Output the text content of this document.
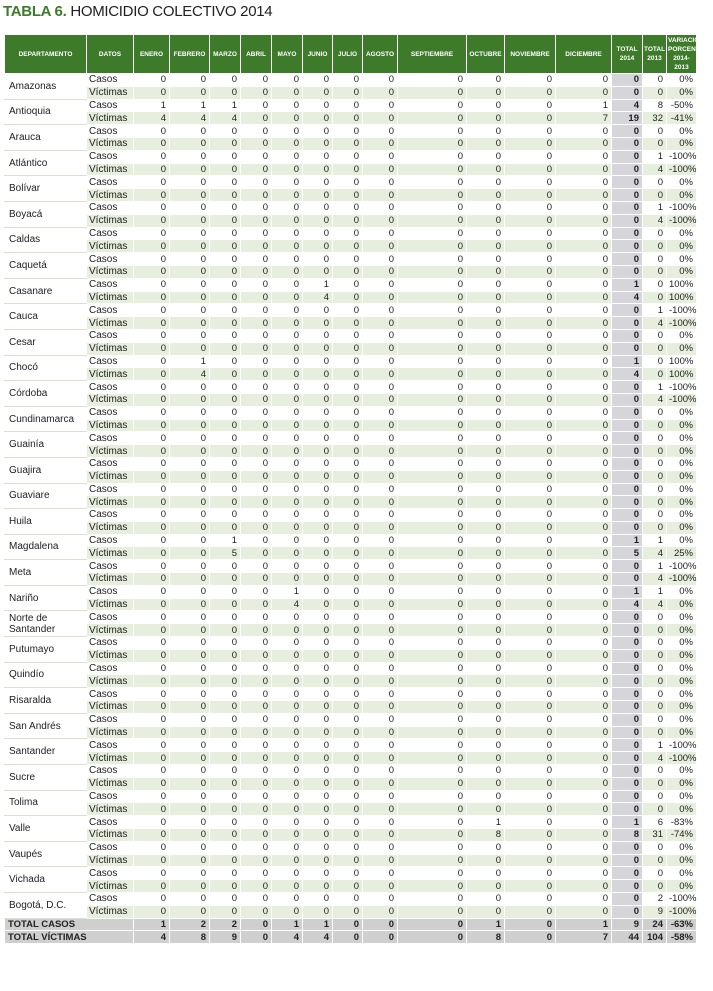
TABLA 6. HOMICIDIO COLECTIVO 2014
DEPARTAMENTO	DATOS	ENERO	FEBRERO	MARZO	ABRIL	MAYO	JUNIO	JULIO	AGOSTO	SEPTIEMBRE	OCTUBRE	NOVIEMBRE	DICIEMBRE	TOTAL 2014	TOTAL 2013	VARIACIÓN PORCENTUAL 2014-2013
Amazonas	Casos	0	0	0	0	0	0	0	0	0	0	0	0	0	0	0%
	Víctimas	0	0	0	0	0	0	0	0	0	0	0	0	0	0	0%
Antioquia	Casos	1	1	1	0	0	0	0	0	0	0	0	1	4	8	-50%
	Víctimas	4	4	4	0	0	0	0	0	0	0	0	7	19	32	-41%
Arauca	Casos	0	0	0	0	0	0	0	0	0	0	0	0	0	0	0%
	Víctimas	0	0	0	0	0	0	0	0	0	0	0	0	0	0	0%
Atlántico	Casos	0	0	0	0	0	0	0	0	0	0	0	0	0	1	-100%
	Víctimas	0	0	0	0	0	0	0	0	0	0	0	0	0	4	-100%
Bolívar	Casos	0	0	0	0	0	0	0	0	0	0	0	0	0	0	0%
	Víctimas	0	0	0	0	0	0	0	0	0	0	0	0	0	0	0%
Boyacá	Casos	0	0	0	0	0	0	0	0	0	0	0	0	0	1	-100%
	Víctimas	0	0	0	0	0	0	0	0	0	0	0	0	0	4	-100%
Caldas	Casos	0	0	0	0	0	0	0	0	0	0	0	0	0	0	0%
	Víctimas	0	0	0	0	0	0	0	0	0	0	0	0	0	0	0%
Caquetá	Casos	0	0	0	0	0	0	0	0	0	0	0	0	0	0	0%
	Víctimas	0	0	0	0	0	0	0	0	0	0	0	0	0	0	0%
Casanare	Casos	0	0	0	0	0	1	0	0	0	0	0	0	1	0	100%
	Víctimas	0	0	0	0	0	4	0	0	0	0	0	0	4	0	100%
Cauca	Casos	0	0	0	0	0	0	0	0	0	0	0	0	0	1	-100%
	Víctimas	0	0	0	0	0	0	0	0	0	0	0	0	0	4	-100%
Cesar	Casos	0	0	0	0	0	0	0	0	0	0	0	0	0	0	0%
	Víctimas	0	0	0	0	0	0	0	0	0	0	0	0	0	0	0%
Chocó	Casos	0	1	0	0	0	0	0	0	0	0	0	0	1	0	100%
	Víctimas	0	4	0	0	0	0	0	0	0	0	0	0	4	0	100%
Córdoba	Casos	0	0	0	0	0	0	0	0	0	0	0	0	0	1	-100%
	Víctimas	0	0	0	0	0	0	0	0	0	0	0	0	0	4	-100%
Cundinamarca	Casos	0	0	0	0	0	0	0	0	0	0	0	0	0	0	0%
	Víctimas	0	0	0	0	0	0	0	0	0	0	0	0	0	0	0%
Guainía	Casos	0	0	0	0	0	0	0	0	0	0	0	0	0	0	0%
	Víctimas	0	0	0	0	0	0	0	0	0	0	0	0	0	0	0%
Guajira	Casos	0	0	0	0	0	0	0	0	0	0	0	0	0	0	0%
	Víctimas	0	0	0	0	0	0	0	0	0	0	0	0	0	0	0%
Guaviare	Casos	0	0	0	0	0	0	0	0	0	0	0	0	0	0	0%
	Víctimas	0	0	0	0	0	0	0	0	0	0	0	0	0	0	0%
Huila	Casos	0	0	0	0	0	0	0	0	0	0	0	0	0	0	0%
	Víctimas	0	0	0	0	0	0	0	0	0	0	0	0	0	0	0%
Magdalena	Casos	0	0	1	0	0	0	0	0	0	0	0	0	1	1	0%
	Víctimas	0	0	5	0	0	0	0	0	0	0	0	0	5	4	25%
Meta	Casos	0	0	0	0	0	0	0	0	0	0	0	0	0	1	-100%
	Víctimas	0	0	0	0	0	0	0	0	0	0	0	0	0	4	-100%
Nariño	Casos	0	0	0	0	1	0	0	0	0	0	0	0	1	1	0%
	Víctimas	0	0	0	0	4	0	0	0	0	0	0	0	4	4	0%
Norte de Santander	Casos	0	0	0	0	0	0	0	0	0	0	0	0	0	0	0%
	Víctimas	0	0	0	0	0	0	0	0	0	0	0	0	0	0	0%
Putumayo	Casos	0	0	0	0	0	0	0	0	0	0	0	0	0	0	0%
	Víctimas	0	0	0	0	0	0	0	0	0	0	0	0	0	0	0%
Quindío	Casos	0	0	0	0	0	0	0	0	0	0	0	0	0	0	0%
	Víctimas	0	0	0	0	0	0	0	0	0	0	0	0	0	0	0%
Risaralda	Casos	0	0	0	0	0	0	0	0	0	0	0	0	0	0	0%
	Víctimas	0	0	0	0	0	0	0	0	0	0	0	0	0	0	0%
San Andrés	Casos	0	0	0	0	0	0	0	0	0	0	0	0	0	0	0%
	Víctimas	0	0	0	0	0	0	0	0	0	0	0	0	0	0	0%
Santander	Casos	0	0	0	0	0	0	0	0	0	0	0	0	0	1	-100%
	Víctimas	0	0	0	0	0	0	0	0	0	0	0	0	0	4	-100%
Sucre	Casos	0	0	0	0	0	0	0	0	0	0	0	0	0	0	0%
	Víctimas	0	0	0	0	0	0	0	0	0	0	0	0	0	0	0%
Tolima	Casos	0	0	0	0	0	0	0	0	0	0	0	0	0	0	0%
	Víctimas	0	0	0	0	0	0	0	0	0	0	0	0	0	0	0%
Valle	Casos	0	0	0	0	0	0	0	0	0	1	0	0	1	6	-83%
	Víctimas	0	0	0	0	0	0	0	0	0	8	0	0	8	31	-74%
Vaupés	Casos	0	0	0	0	0	0	0	0	0	0	0	0	0	0	0%
	Víctimas	0	0	0	0	0	0	0	0	0	0	0	0	0	0	0%
Vichada	Casos	0	0	0	0	0	0	0	0	0	0	0	0	0	0	0%
	Víctimas	0	0	0	0	0	0	0	0	0	0	0	0	0	0	0%
Bogotá, D.C.	Casos	0	0	0	0	0	0	0	0	0	0	0	0	0	2	-100%
	Víctimas	0	0	0	0	0	0	0	0	0	0	0	0	0	9	-100%
TOTAL CASOS		1	2	2	0	1	1	0	0	0	1	0	1	9	24	-63%
TOTAL VÍCTIMAS		4	8	9	0	4	4	0	0	0	8	0	7	44	104	-58%
